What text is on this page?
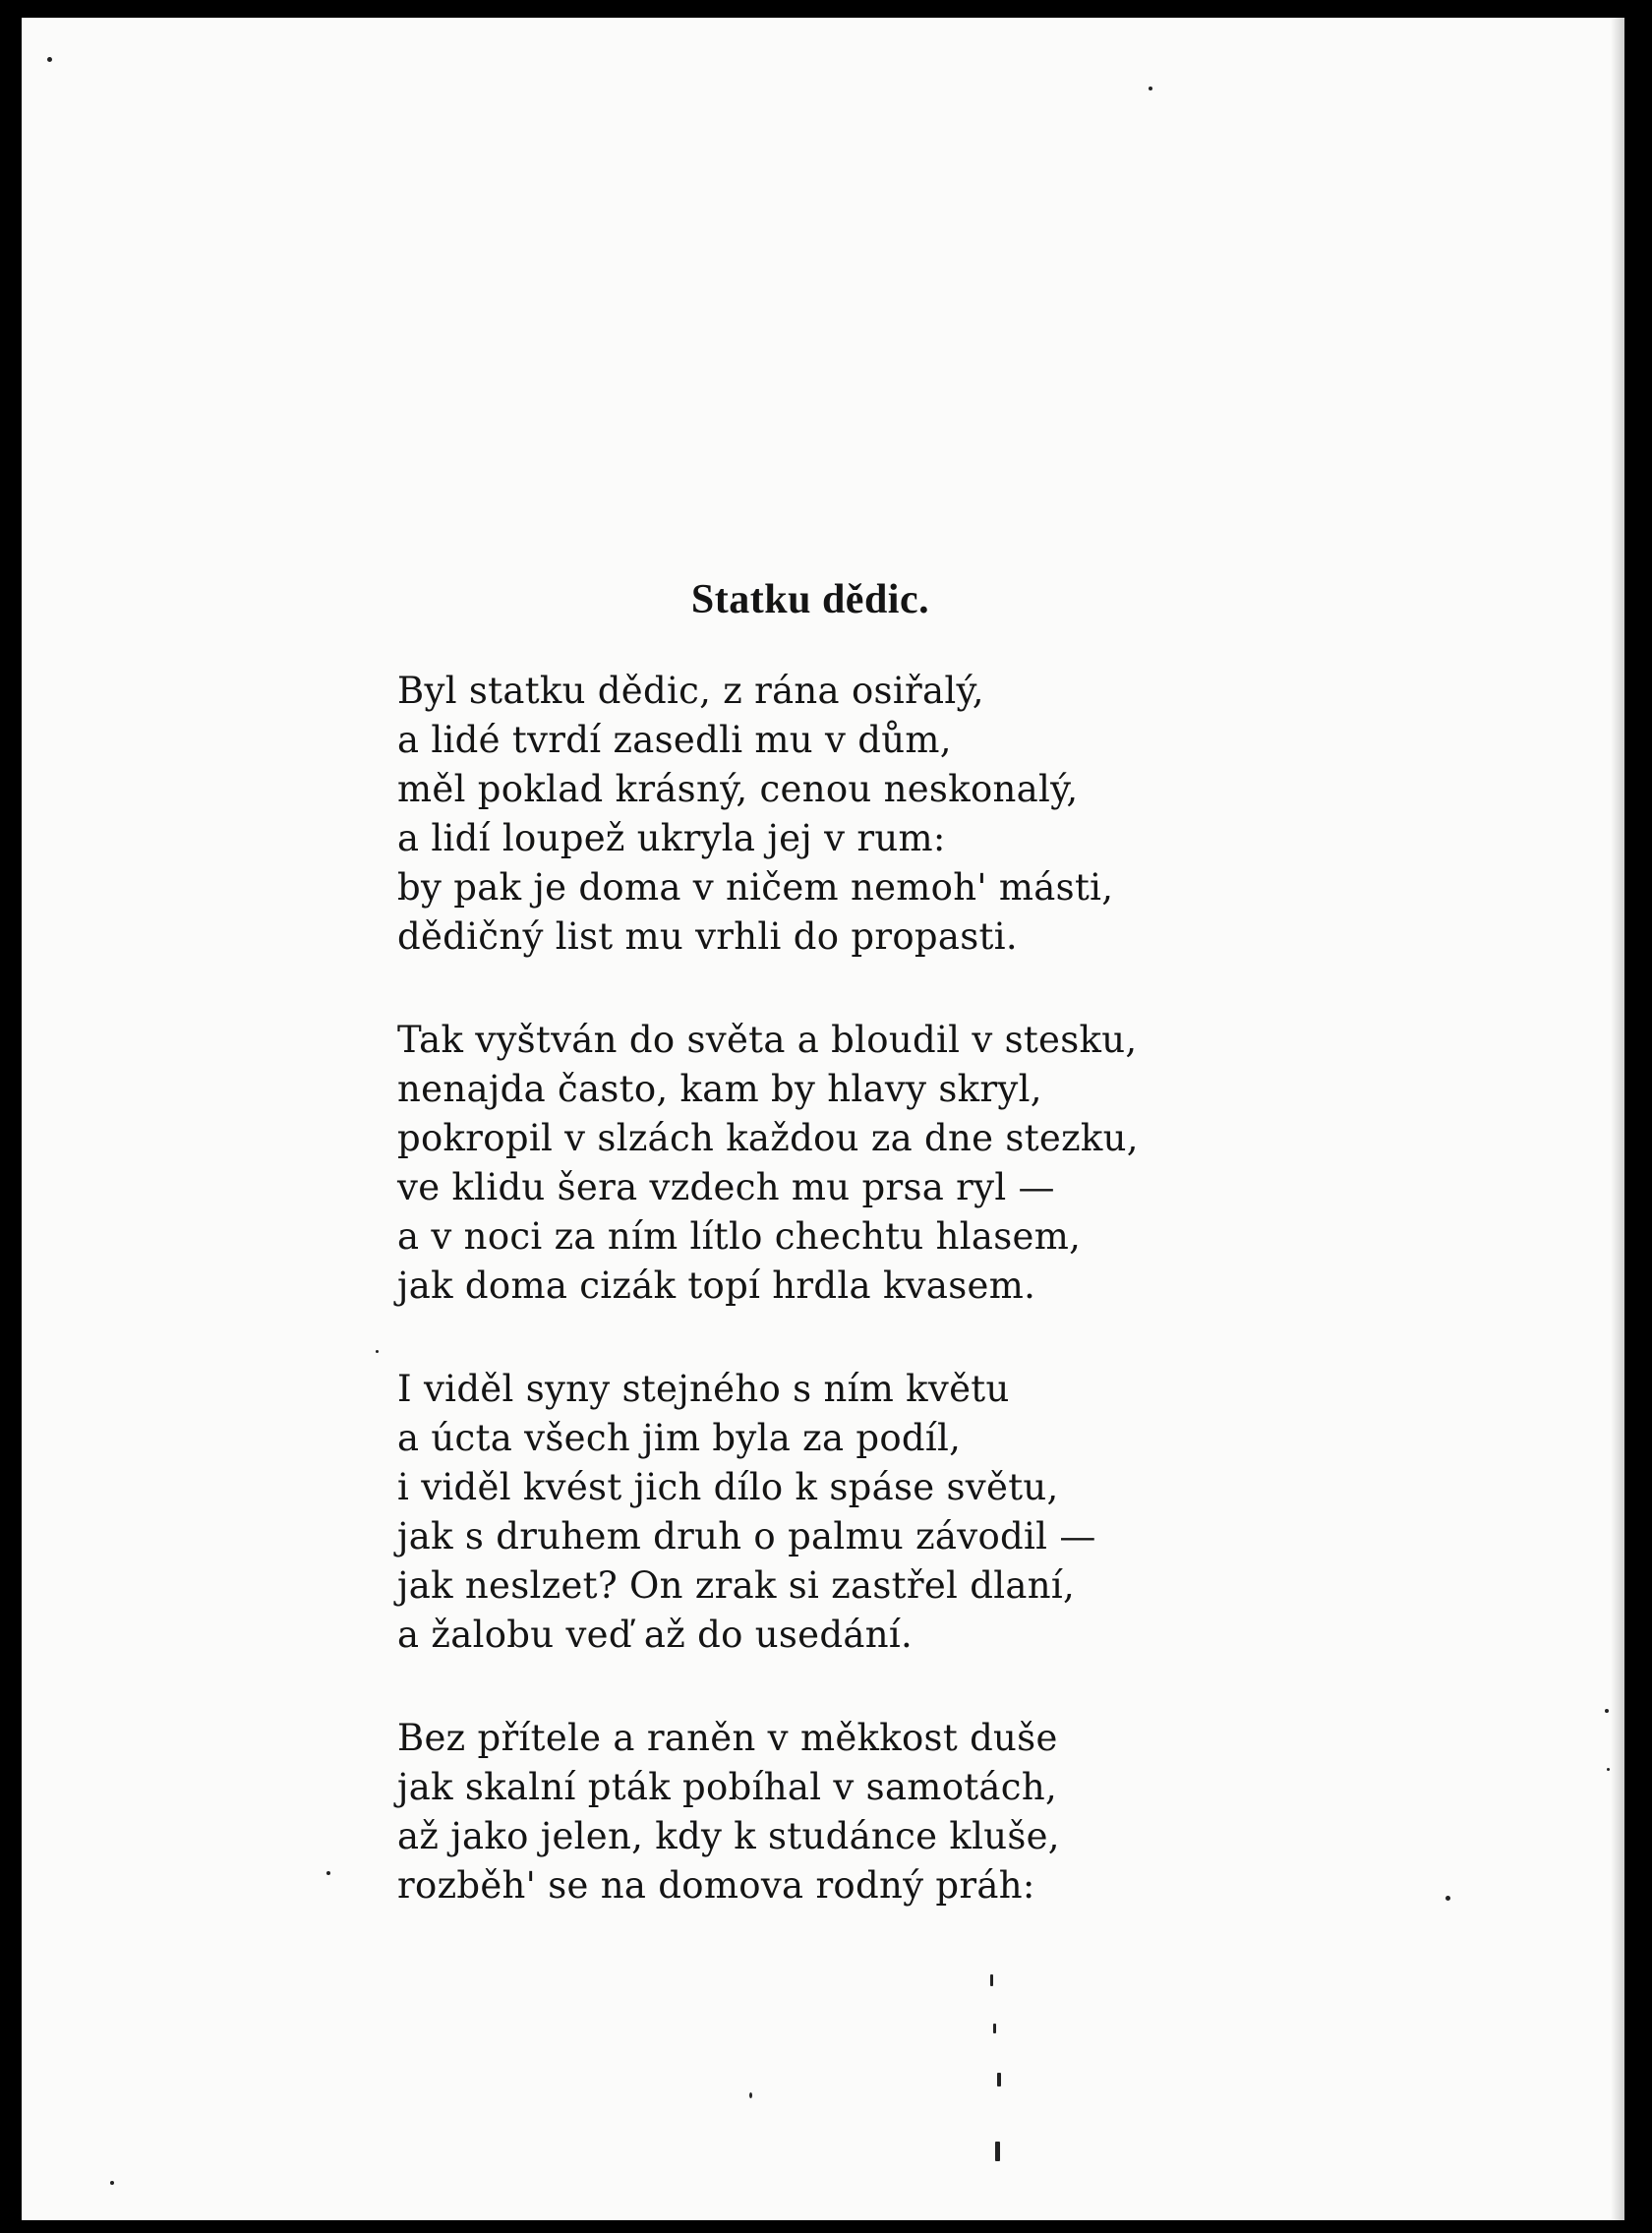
Statku dědic.
Byl statku dědic, z rána osiřalý,
a lidé tvrdí zasedli mu v dům,
měl poklad krásný, cenou neskonalý,
a lidí loupež ukryla jej v rum:
by pak je doma v ničem nemoh' másti,
dědičný list mu vrhli do propasti.
Tak vyštván do světa a bloudil v stesku,
nenajda často, kam by hlavy skryl,
pokropil v slzách každou za dne stezku,
ve klidu šera vzdech mu prsa ryl —
a v noci za ním lítlo chechtu hlasem,
jak doma cizák topí hrdla kvasem.
I viděl syny stejného s ním květu
a úcta všech jim byla za podíl,
i viděl kvést jich dílo k spáse světu,
jak s druhem druh o palmu závodil —
jak neslzet? On zrak si zastřel dlaní,
a žalobu veď až do usedání.
Bez přítele a raněn v měkkost duše
jak skalní pták pobíhal v samotách,
až jako jelen, kdy k studánce kluše,
rozběh' se na domova rodný práh:
